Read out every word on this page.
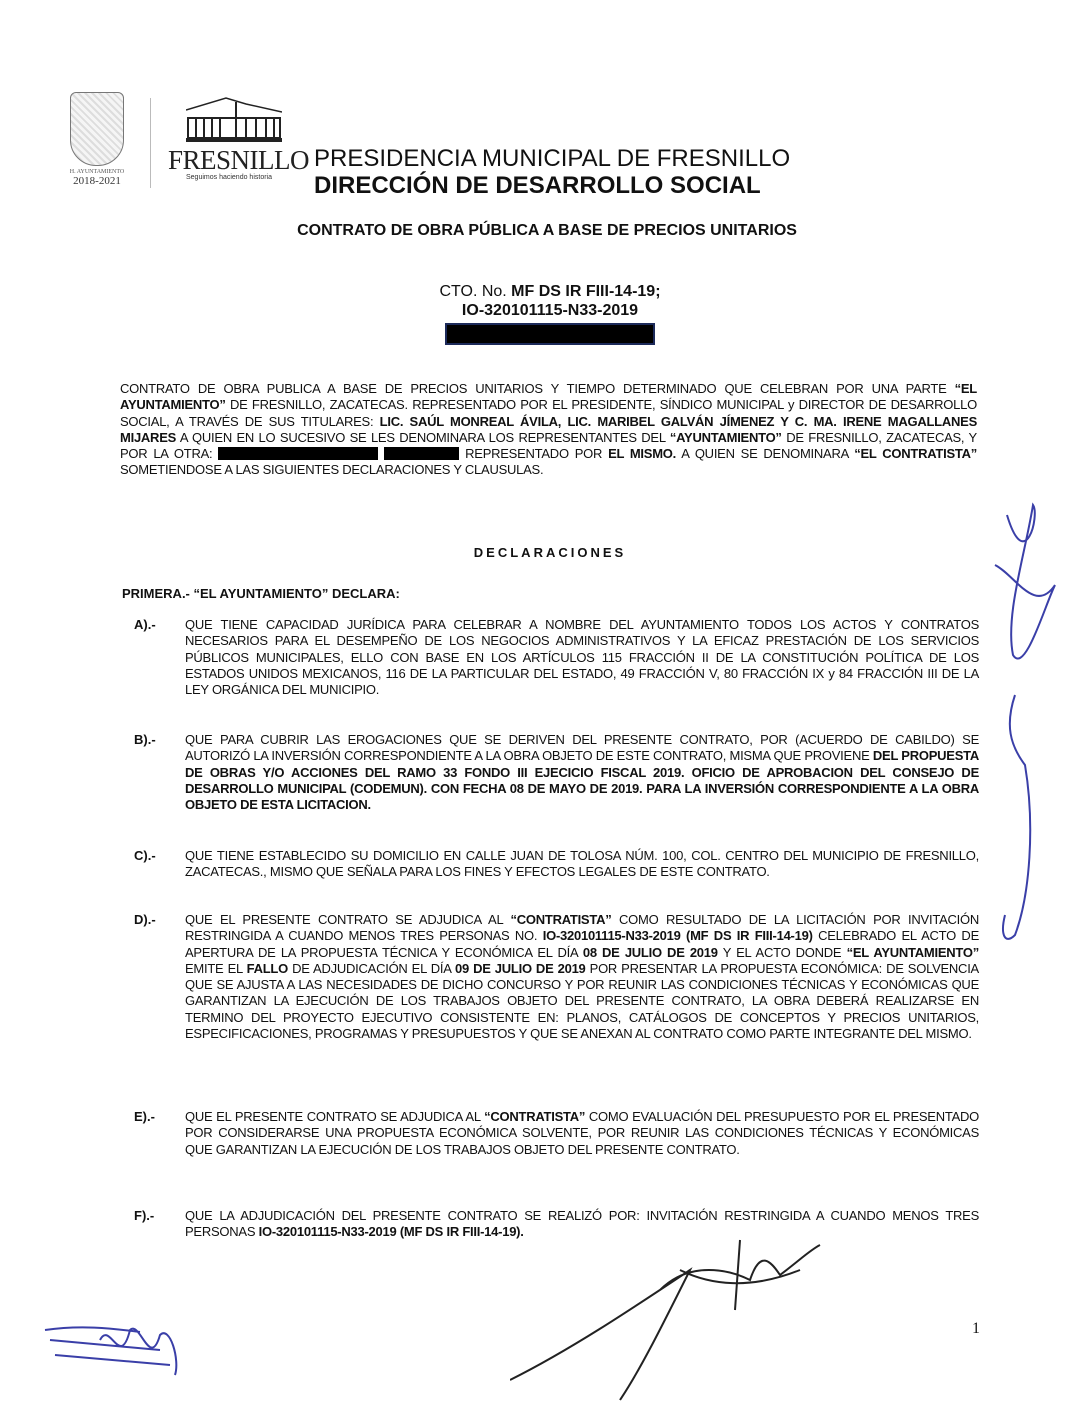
H. AYUNTAMIENTO
2018-2021
FRESNILLO
Seguimos haciendo historia
PRESIDENCIA MUNICIPAL DE FRESNILLO
DIRECCIÓN DE DESARROLLO SOCIAL
CONTRATO DE OBRA PÚBLICA A BASE DE PRECIOS UNITARIOS
CTO. No. MF DS IR FIII-14-19;
IO-320101115-N33-2019
CONTRATO DE OBRA PUBLICA A BASE DE PRECIOS UNITARIOS Y TIEMPO DETERMINADO QUE CELEBRAN POR UNA PARTE “EL AYUNTAMIENTO” DE FRESNILLO, ZACATECAS. REPRESENTADO POR EL PRESIDENTE, SÍNDICO MUNICIPAL y DIRECTOR DE DESARROLLO SOCIAL, A TRAVÉS DE SUS TITULARES: LIC. SAÚL MONREAL ÁVILA, LIC. MARIBEL GALVÁN JÍMENEZ Y C. MA. IRENE MAGALLANES MIJARES A QUIEN EN LO SUCESIVO SE LES DENOMINARA LOS REPRESENTANTES DEL “AYUNTAMIENTO” DE FRESNILLO, ZACATECAS, Y POR LA OTRA:	REPRESENTADO POR EL MISMO. A QUIEN SE DENOMINARA “EL CONTRATISTA” SOMETIENDOSE A LAS SIGUIENTES DECLARACIONES Y CLAUSULAS.
DECLARACIONES
PRIMERA.- “EL AYUNTAMIENTO” DECLARA:
A).- QUE TIENE CAPACIDAD JURÍDICA PARA CELEBRAR A NOMBRE DEL AYUNTAMIENTO TODOS LOS ACTOS Y CONTRATOS NECESARIOS PARA EL DESEMPEÑO DE LOS NEGOCIOS ADMINISTRATIVOS Y LA EFICAZ PRESTACIÓN DE LOS SERVICIOS PÚBLICOS MUNICIPALES, ELLO CON BASE EN LOS ARTÍCULOS 115 FRACCIÓN II DE LA CONSTITUCIÓN POLÍTICA DE LOS ESTADOS UNIDOS MEXICANOS, 116 DE LA PARTICULAR DEL ESTADO, 49 FRACCIÓN V, 80 FRACCIÓN IX y 84 FRACCIÓN III DE LA LEY ORGÁNICA DEL MUNICIPIO.
B).- QUE PARA CUBRIR LAS EROGACIONES QUE SE DERIVEN DEL PRESENTE CONTRATO, POR (ACUERDO DE CABILDO) SE AUTORIZÓ LA INVERSIÓN CORRESPONDIENTE A LA OBRA OBJETO DE ESTE CONTRATO, MISMA QUE PROVIENE DEL PROPUESTA DE OBRAS Y/O ACCIONES DEL RAMO 33 FONDO III EJECICIO FISCAL 2019. OFICIO DE APROBACION DEL CONSEJO DE DESARROLLO MUNICIPAL (CODEMUN). CON FECHA 08 DE MAYO DE 2019. PARA LA INVERSIÓN CORRESPONDIENTE A LA OBRA OBJETO DE ESTA LICITACION.
C).- QUE TIENE ESTABLECIDO SU DOMICILIO EN CALLE JUAN DE TOLOSA NÚM. 100, COL. CENTRO DEL MUNICIPIO DE FRESNILLO, ZACATECAS., MISMO QUE SEÑALA PARA LOS FINES Y EFECTOS LEGALES DE ESTE CONTRATO.
D).- QUE EL PRESENTE CONTRATO SE ADJUDICA AL “CONTRATISTA” COMO RESULTADO DE LA LICITACIÓN POR INVITACIÓN RESTRINGIDA A CUANDO MENOS TRES PERSONAS NO. IO-320101115-N33-2019 (MF DS IR FIII-14-19) CELEBRADO EL ACTO DE APERTURA DE LA PROPUESTA TÉCNICA Y ECONÓMICA EL DÍA 08 DE JULIO DE 2019 Y EL ACTO DONDE “EL AYUNTAMIENTO” EMITE EL FALLO DE ADJUDICACIÓN EL DÍA 09 DE JULIO DE 2019 POR PRESENTAR LA PROPUESTA ECONÓMICA: DE SOLVENCIA QUE SE AJUSTA A LAS NECESIDADES DE DICHO CONCURSO Y POR REUNIR LAS CONDICIONES TÉCNICAS Y ECONÓMICAS QUE GARANTIZAN LA EJECUCIÓN DE LOS TRABAJOS OBJETO DEL PRESENTE CONTRATO, LA OBRA DEBERÁ REALIZARSE EN TERMINO DEL PROYECTO EJECUTIVO CONSISTENTE EN: PLANOS, CATÁLOGOS DE CONCEPTOS Y PRECIOS UNITARIOS, ESPECIFICACIONES, PROGRAMAS Y PRESUPUESTOS Y QUE SE ANEXAN AL CONTRATO COMO PARTE INTEGRANTE DEL MISMO.
E).- QUE EL PRESENTE CONTRATO SE ADJUDICA AL “CONTRATISTA” COMO EVALUACIÓN DEL PRESUPUESTO POR EL PRESENTADO POR CONSIDERARSE UNA PROPUESTA ECONÓMICA SOLVENTE, POR REUNIR LAS CONDICIONES TÉCNICAS Y ECONÓMICAS QUE GARANTIZAN LA EJECUCIÓN DE LOS TRABAJOS OBJETO DEL PRESENTE CONTRATO.
F).- QUE LA ADJUDICACIÓN DEL PRESENTE CONTRATO SE REALIZÓ POR: INVITACIÓN RESTRINGIDA A CUANDO MENOS TRES PERSONAS IO-320101115-N33-2019 (MF DS IR FIII-14-19).
1
